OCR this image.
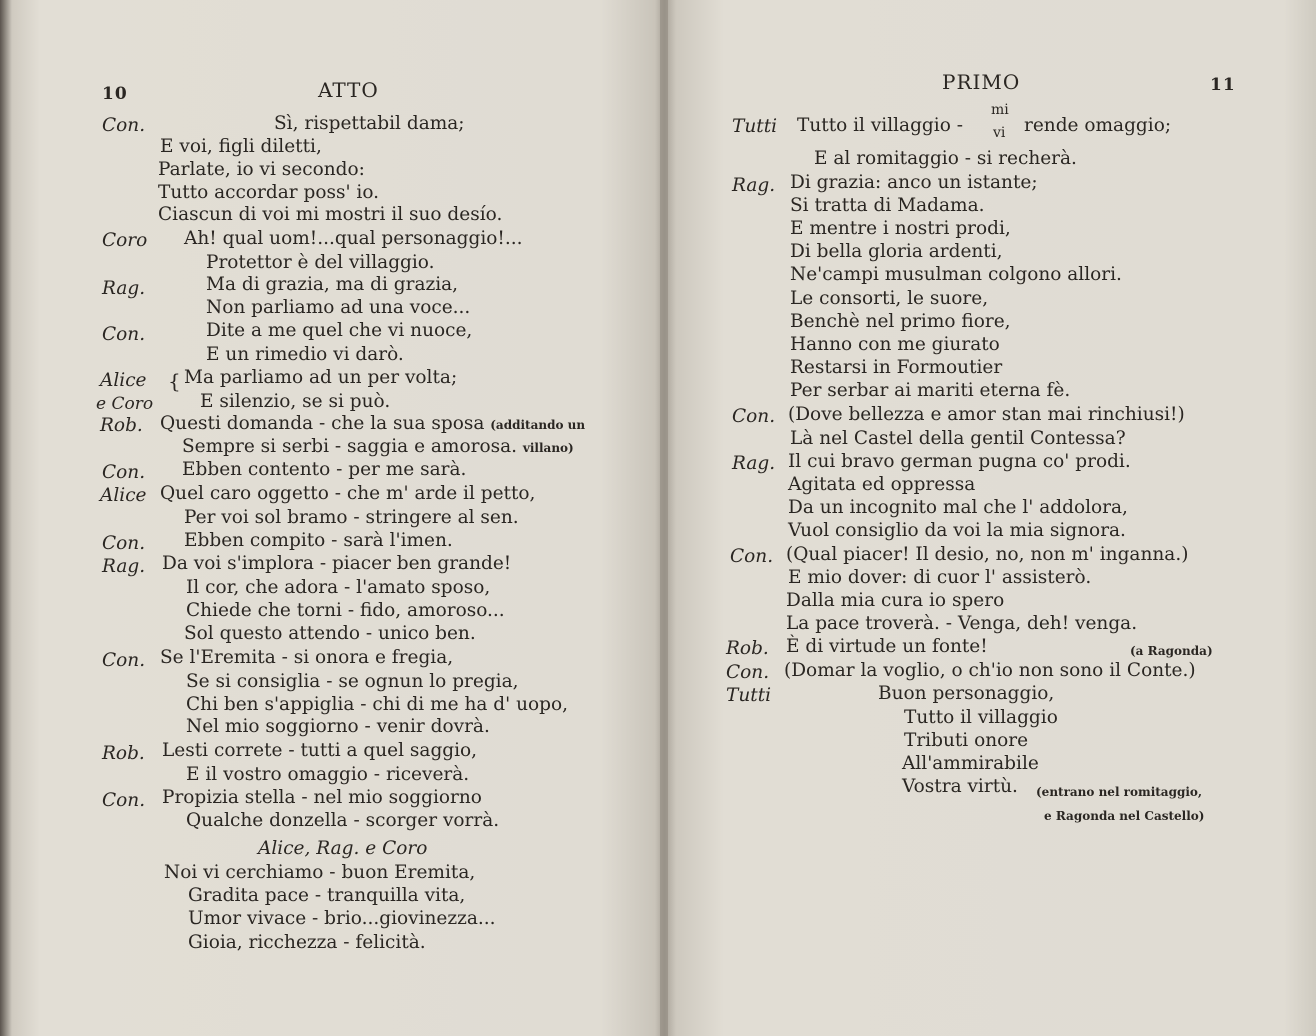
10	ATTO
Con.	Sì, rispettabil dama;
E voi, figli diletti,
Parlate, io vi secondo:
Tutto accordar poss' io.
Ciascun di voi mi mostri il suo desío.
Coro Ah! qual uom!...qual personaggio!...
Protettor è del villaggio.
Rag.	Ma di grazia, ma di grazia,
Non parliamo ad una voce...
Con.	Dite a me quel che vi nuoce,
E un rimedio vi darò.
Alice { Ma parliamo ad un per volta;
e Coro	E silenzio, se si può.
Rob. Questi domanda - che la sua sposa (additando un
Sempre si serbi - saggia e amorosa. villano)
Con. Ebben contento - per me sarà.
Alice Quel caro oggetto - che m' arde il petto,
Per voi sol bramo - stringere al sen.
Con. Ebben compito - sarà l'imen.
Rag. Da voi s'implora - piacer ben grande!
Il cor, che adora - l'amato sposo,
Chiede che torni - fido, amoroso...
Sol questo attendo - unico ben.
Con. Se l'Eremita - si onora e fregia,
Se si consiglia - se ognun lo pregia,
Chi ben s'appiglia - chi di me ha d' uopo,
Nel mio soggiorno - venir dovrà.
Rob. Lesti correte - tutti a quel saggio,
E il vostro omaggio - riceverà.
Con. Propizia stella - nel mio soggiorno
Qualche donzella - scorger vorrà.
Alice, Rag. e Coro
Noi vi cerchiamo - buon Eremita,
Gradita pace - tranquilla vita,
Umor vivace - brio...giovinezza...
Gioia, ricchezza - felicità.
PRIMO	11
Tutti Tutto il villaggio -
mi
vi rende omaggio;
E al romitaggio - si recherà.
Rag. Di grazia: anco un istante;
Si tratta di Madama.
E mentre i nostri prodi,
Di bella gloria ardenti,
Ne'campi musulman colgono allori.
Le consorti, le suore,
Benchè nel primo fiore,
Hanno con me giurato
Restarsi in Formoutier
Per serbar ai mariti eterna fè.
Con. (Dove bellezza e amor stan mai rinchiusi!)
Là nel Castel della gentil Contessa?
Rag. Il cui bravo german pugna co' prodi.
Agitata ed oppressa
Da un incognito mal che l' addolora,
Vuol consiglio da voi la mia signora.
Con. (Qual piacer! Il desio, no, non m' inganna.)
E mio dover: di cuor l' assisterò.
Dalla mia cura io spero
La pace troverà. - Venga, deh! venga.
Rob. È di virtude un fonte!	(a Ragonda)
Con. (Domar la voglio, o ch'io non sono il Conte.)
Tutti	Buon personaggio,
Tutto il villaggio
Tributi onore
All'ammirabile
Vostra virtù. (entrano nel romitaggio,
e Ragonda nel Castello)
